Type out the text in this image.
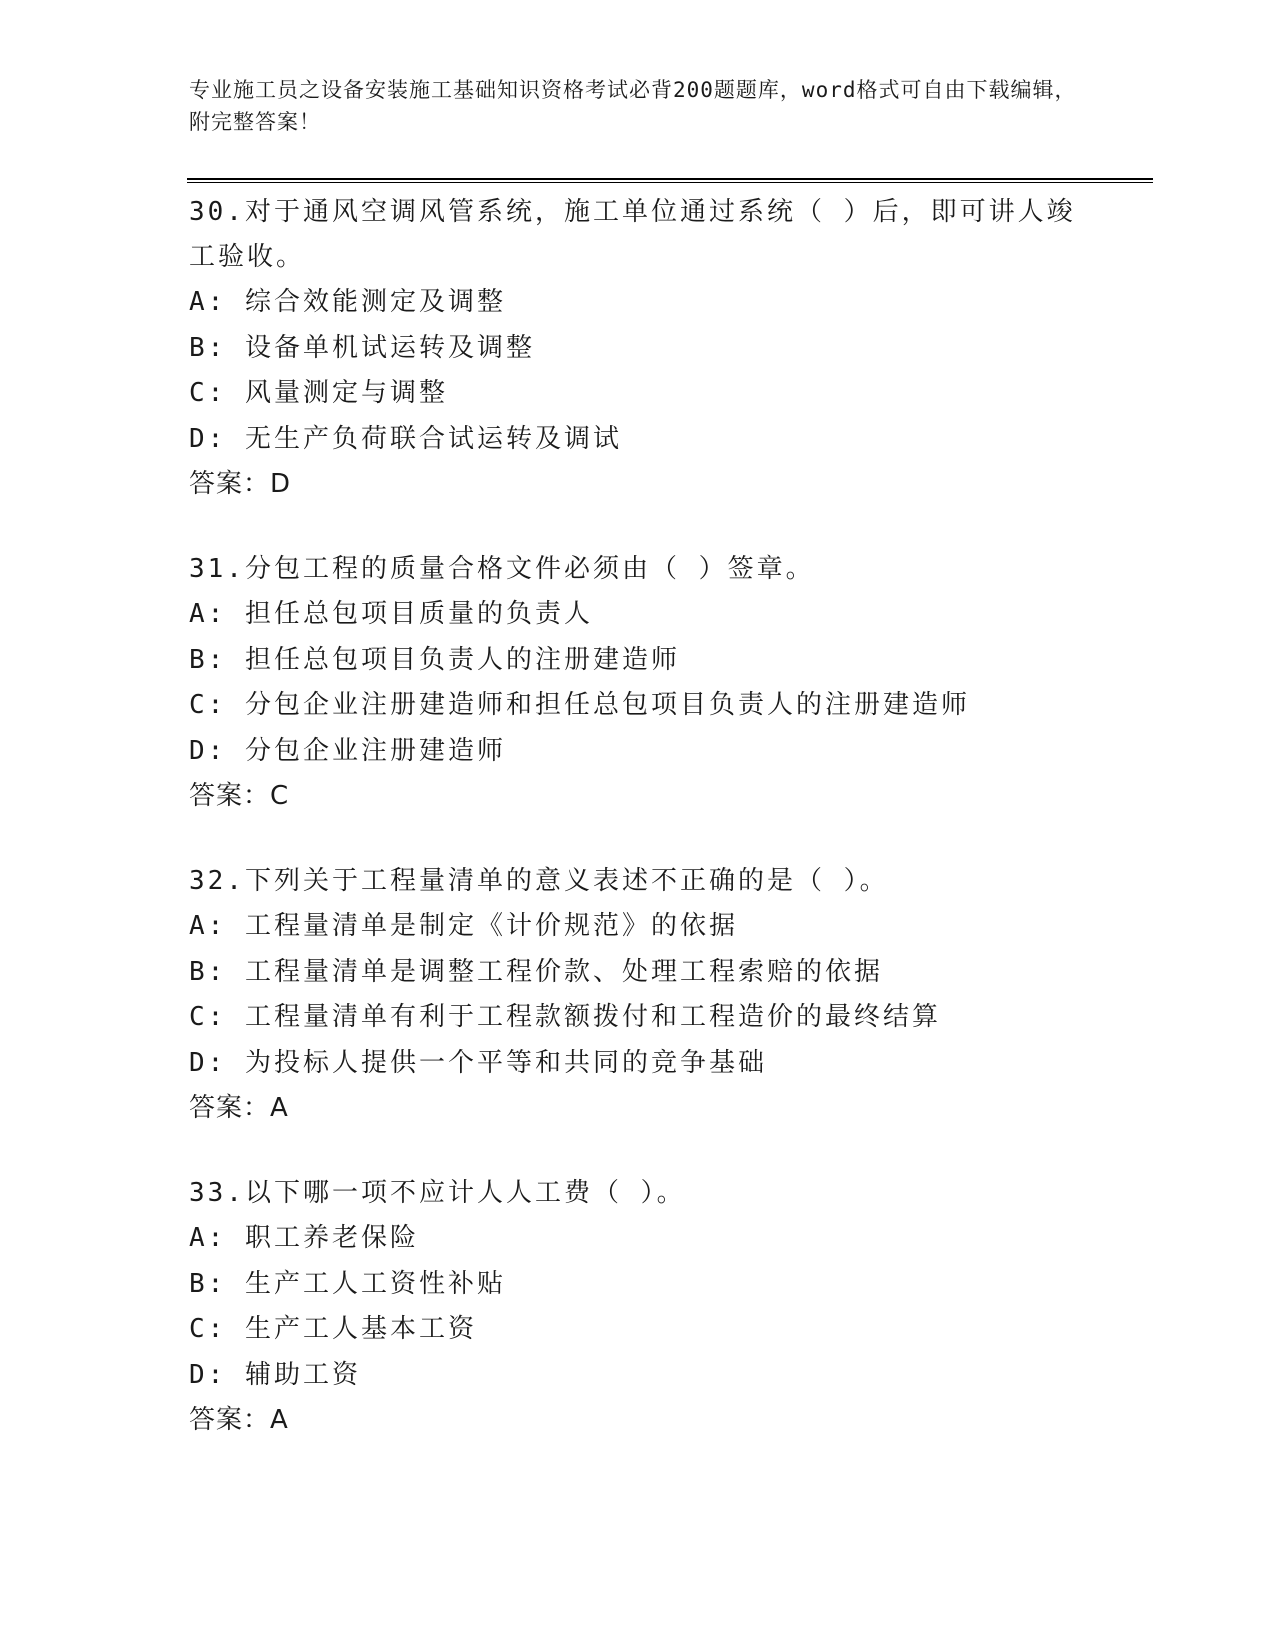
专业施工员之设备安装施工基础知识资格考试必背200题题库，word格式可自由下载编辑，附完整答案！
30.对于通风空调风管系统，施工单位通过系统（ ）后，即可讲人竣工验收。
A: 综合效能测定及调整
B: 设备单机试运转及调整
C: 风量测定与调整
D: 无生产负荷联合试运转及调试
答案：D
31.分包工程的质量合格文件必须由（ ）签章。
A: 担任总包项目质量的负责人
B: 担任总包项目负责人的注册建造师
C: 分包企业注册建造师和担任总包项目负责人的注册建造师
D: 分包企业注册建造师
答案：C
32.下列关于工程量清单的意义表述不正确的是（ ）。
A: 工程量清单是制定《计价规范》的依据
B: 工程量清单是调整工程价款、处理工程索赔的依据
C: 工程量清单有利于工程款额拨付和工程造价的最终结算
D: 为投标人提供一个平等和共同的竞争基础
答案：A
33.以下哪一项不应计人人工费（ ）。
A: 职工养老保险
B: 生产工人工资性补贴
C: 生产工人基本工资
D: 辅助工资
答案：A
